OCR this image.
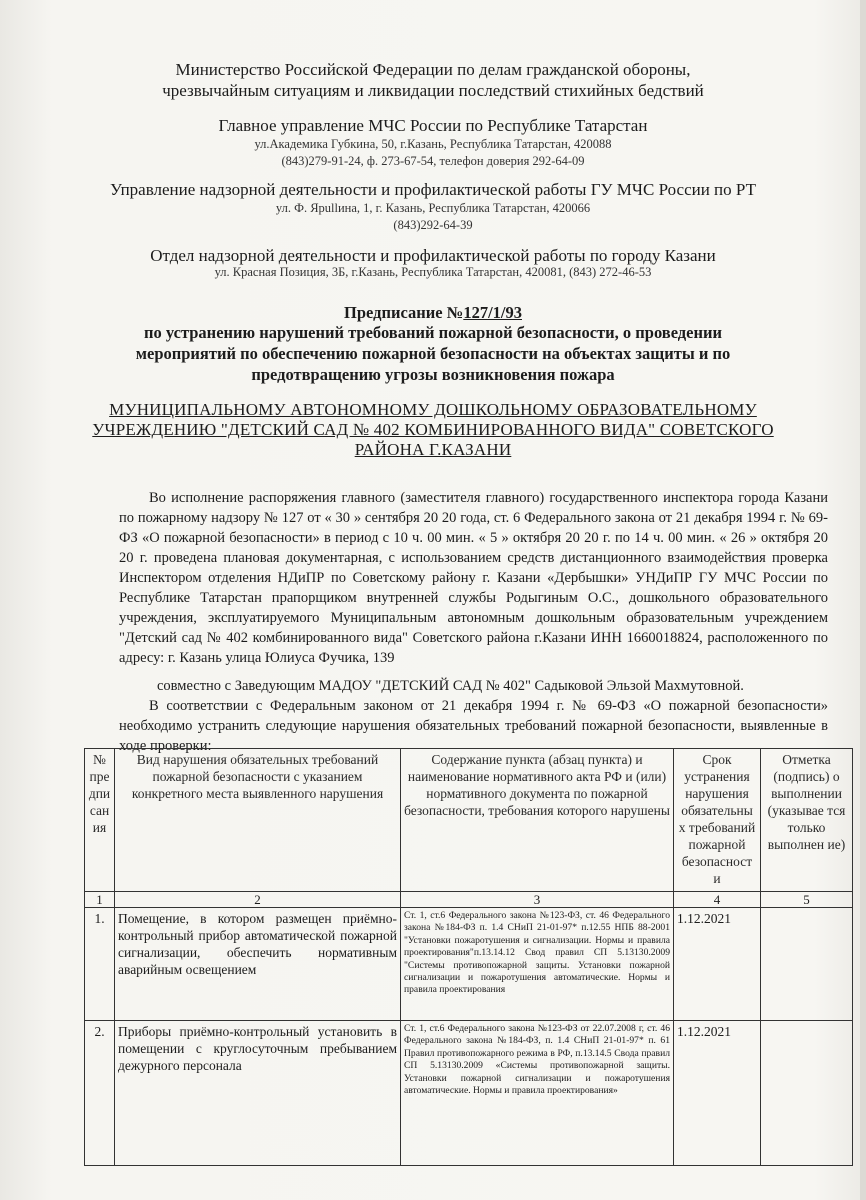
Министерство Российской Федерации по делам гражданской обороны,
чрезвычайным ситуациям и ликвидации последствий стихийных бедствий
Главное управление МЧС России по Республике Татарстан
ул.Академика Губкина, 50, г.Казань, Республика Татарстан, 420088
(843)279-91-24, ф. 273-67-54, телефон доверия 292-64-09
Управление надзорной деятельности и профилактической работы ГУ МЧС России по РТ
ул. Ф. Ярullина, 1, г. Казань, Республика Татарстан, 420066
(843)292-64-39
Отдел надзорной деятельности и профилактической работы по городу Казани
ул. Красная Позиция, 3Б, г.Казань, Республика Татарстан, 420081, (843) 272-46-53
Предписание №127/1/93
по устранению нарушений требований пожарной безопасности, о проведении
мероприятий по обеспечению пожарной безопасности на объектах защиты и по
предотвращению угрозы возникновения пожара
МУНИЦИПАЛЬНОМУ АВТОНОМНОМУ ДОШКОЛЬНОМУ ОБРАЗОВАТЕЛЬНОМУ
УЧРЕЖДЕНИЮ "ДЕТСКИЙ САД № 402 КОМБИНИРОВАННОГО ВИДА" СОВЕТСКОГО
РАЙОНА Г.КАЗАНИ

Во исполнение распоряжения главного (заместителя главного) государственного инспектора города Казани по пожарному надзору № 127 от « 30 » сентября 20 20 года, ст. 6 Федерального закона от 21 декабря 1994 г. № 69-ФЗ «О пожарной безопасности» в период с 10 ч. 00 мин. « 5 » октября 20 20 г. по 14 ч. 00 мин. « 26 » октября 20 20 г. проведена плановая документарная, с использованием средств дистанционного взаимодействия проверка Инспектором отделения НДиПР по Советскому району г. Казани «Дербышки» УНДиПР ГУ МЧС России по Республике Татарстан прапорщиком внутренней службы Родыгиным О.С., дошкольного образовательного учреждения, эксплуатируемого Муниципальным автономным дошкольным образовательным учреждением "Детский сад № 402 комбинированного вида" Советского района г.Казани ИНН 1660018824, расположенного по адресу: г. Казань улица Юлиуса Фучика, 139

совместно с Заведующим МАДОУ "ДЕТСКИЙ САД № 402" Садыковой Эльзой Махмутовной.

В соответствии с Федеральным законом от 21 декабря 1994 г. № 69-ФЗ «О пожарной безопасности» необходимо устранить следующие нарушения обязательных требований пожарной безопасности, выявленные в ходе проверки:

№ пре дпи сан ия	Вид нарушения обязательных требований пожарной безопасности с указанием конкретного места выявленного нарушения	Содержание пункта (абзац пункта) и наименование нормативного акта РФ и (или) нормативного документа по пожарной безопасности, требования которого нарушены	Срок устранения нарушения обязательны х требований пожарной безопасност и	Отметка (подпись) о выполнении (указывае тся только выполнен ие)
1	2	3	4	5
1.	Помещение, в котором размещен приёмно-контрольный прибор автоматической пожарной сигнализации, обеспечить нормативным аварийным освещением	Ст. 1, ст.6 Федерального закона №123-ФЗ, ст. 46 Федерального закона №184-ФЗ п. 1.4 СНиП 21-01-97* п.12.55 НПБ 88-2001 "Установки пожаротушения и сигнализации. Нормы и правила проектирования"п.13.14.12 Свод правил СП 5.13130.2009 "Системы противопожарной защиты. Установки пожарной сигнализации и пожаротушения автоматические. Нормы и правила проектирования	1.12.2021	
2.	Приборы приёмно-контрольный установить в помещении с круглосуточным пребыванием дежурного персонала	Ст. 1, ст.6 Федерального закона №123-ФЗ от 22.07.2008 г, ст. 46 Федерального закона №184-ФЗ, п. 1.4 СНиП 21-01-97* п. 61 Правил противопожарного режима в РФ, п.13.14.5 Свода правил СП 5.13130.2009 «Системы противопожарной защиты. Установки пожарной сигнализации и пожаротушения автоматические. Нормы и правила проектирования»	1.12.2021	
